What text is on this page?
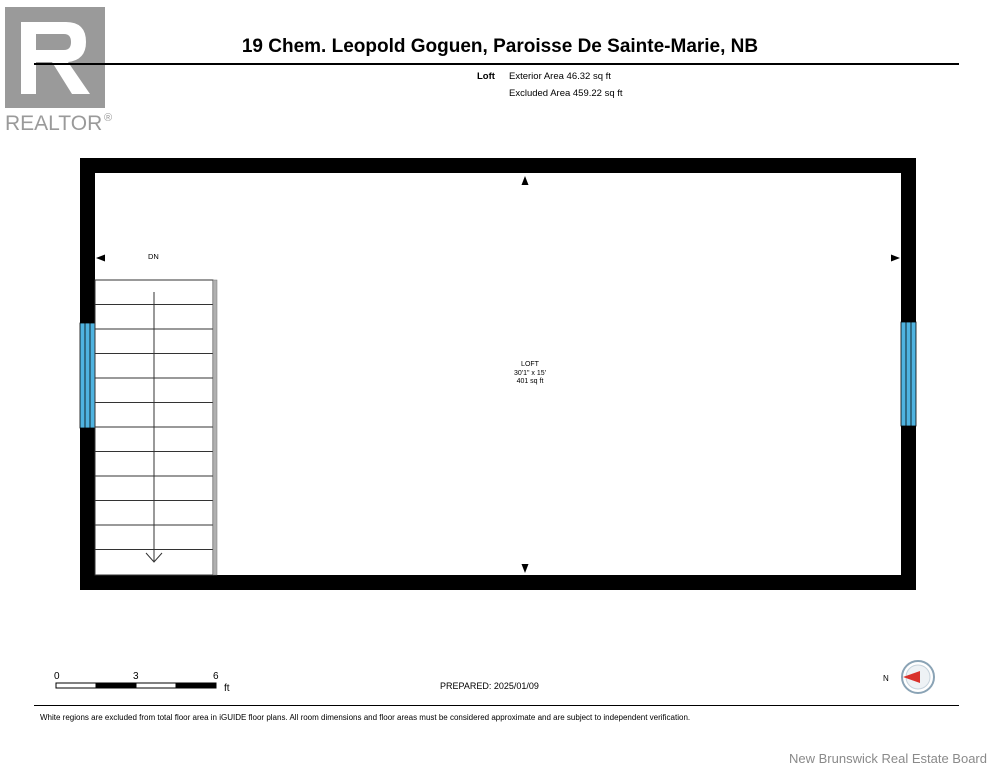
REALTOR ®
19 Chem. Leopold Goguen, Paroisse De Sainte-Marie, NB
Loft Exterior Area 46.32 sq ft
Excluded Area 459.22 sq ft
DN
LOFT
30'1" x 15'
401 sq ft
0	3	6
ft	PREPARED: 2025/01/09
N
White regions are excluded from total floor area in iGUIDE floor plans. All room dimensions and floor areas must be considered approximate and are subject to independent verification.
New Brunswick Real Estate Board
